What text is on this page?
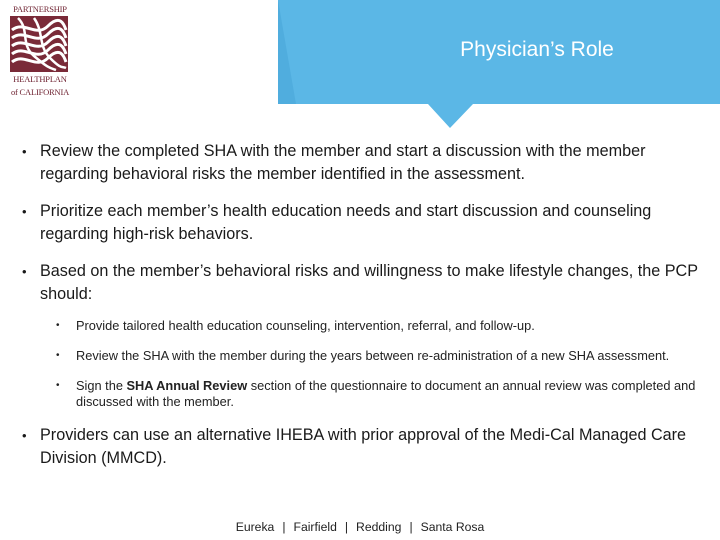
PARTNERSHIP
HEALTHPLAN
of CALIFORNIA
Physician’s Role
• Review the completed SHA with the member and start a discussion with the member regarding behavioral risks the member identified in the assessment.
• Prioritize each member’s health education needs and start discussion and counseling regarding high-risk behaviors.
• Based on the member’s behavioral risks and willingness to make lifestyle changes, the PCP should:
• Provide tailored health education counseling, intervention, referral, and follow-up.
• Review the SHA with the member during the years between re-administration of a new SHA assessment.
• Sign the SHA Annual Review section of the questionnaire to document an annual review was completed and discussed with the member.
• Providers can use an alternative IHEBA with prior approval of the Medi-Cal Managed Care Division (MMCD).
Eureka | Fairfield | Redding | Santa Rosa
